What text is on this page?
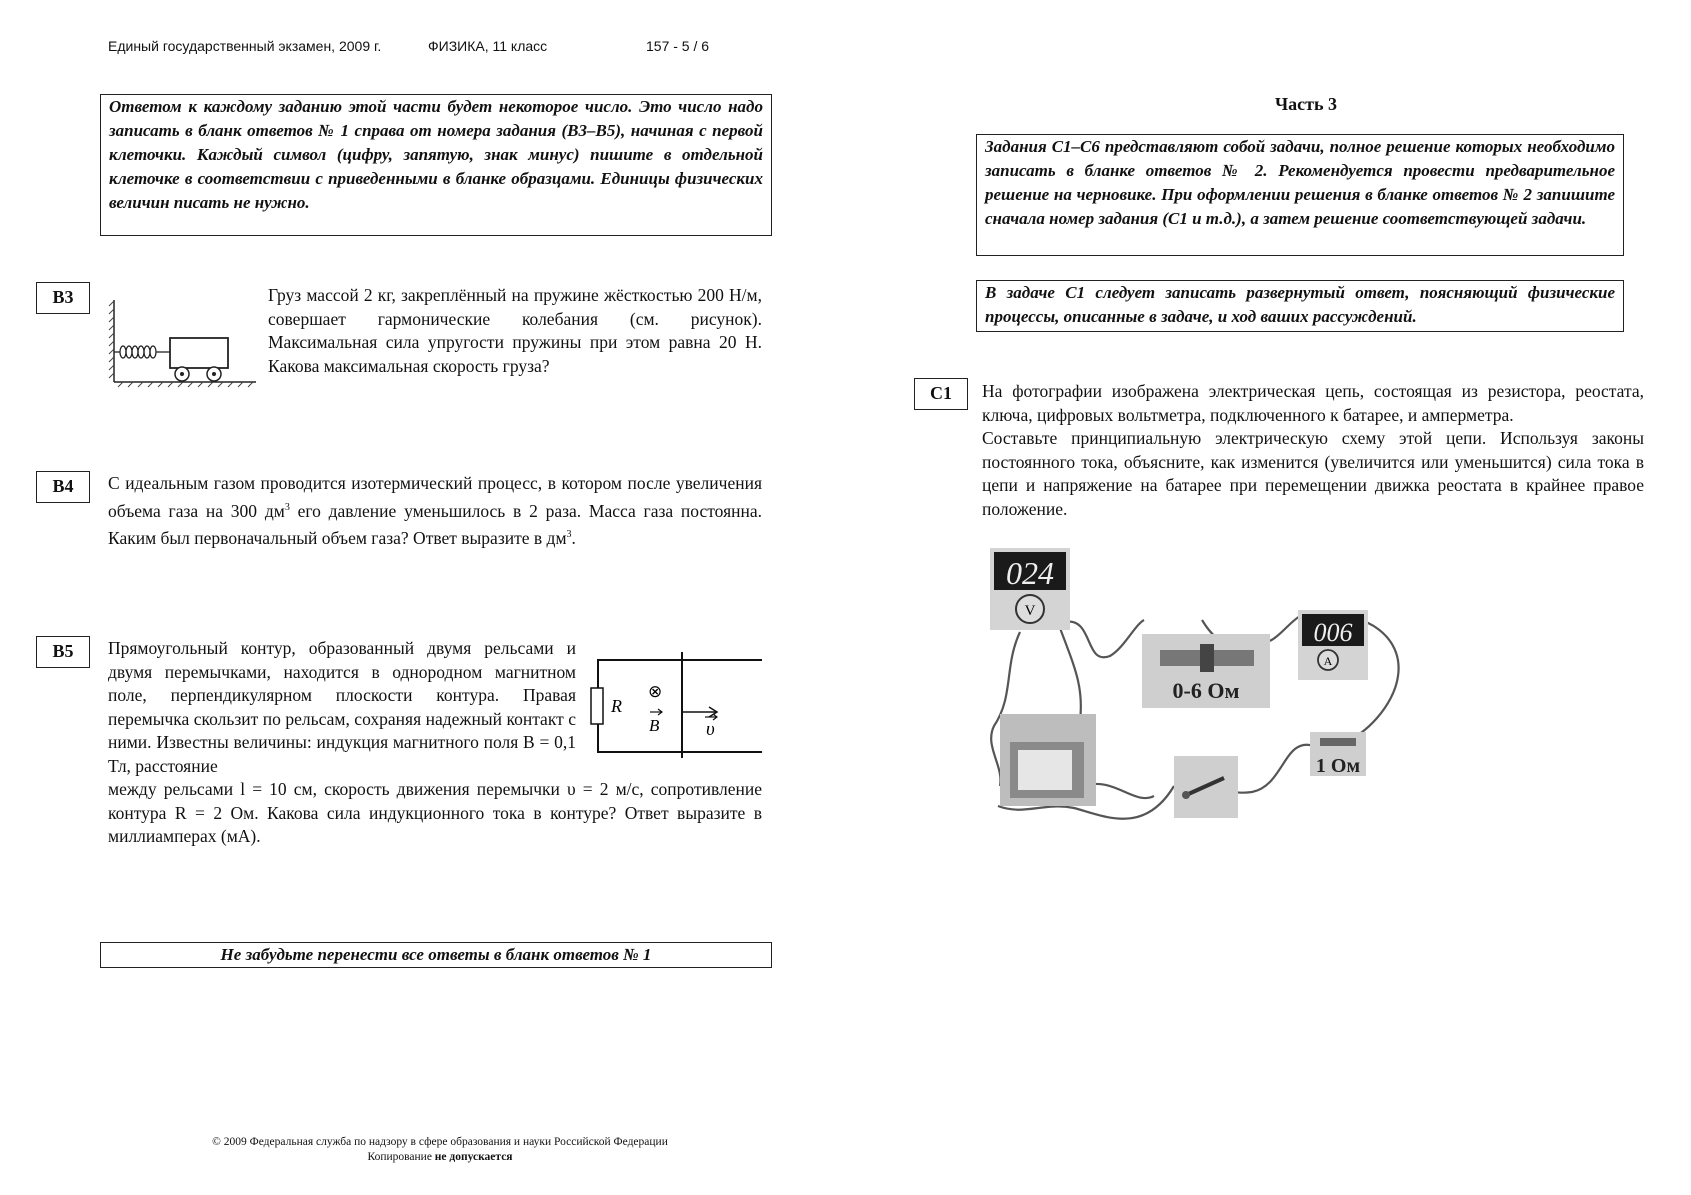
Единый государственный экзамен, 2009 г.	ФИЗИКА, 11 класс	157 - 5 / 6
Ответом к каждому заданию этой части будет некоторое число. Это число надо записать в бланк ответов № 1 справа от номера задания (В3–В5), начиная с первой клеточки. Каждый символ (цифру, запятую, знак минус) пишите в отдельной клеточке в соответствии с приведенными в бланке образцами. Единицы физических величин писать не нужно.
В3	Груз массой 2 кг, закреплённый на пружине жёсткостью 200 Н/м, совершает гармонические колебания (см. рисунок). Максимальная сила упругости пружины при этом равна 20 Н. Какова максимальная скорость груза?
В4	С идеальным газом проводится изотермический процесс, в котором после увеличения объема газа на 300 $дм^3$ его давление уменьшилось в 2 раза. Масса газа постоянна. Каким был первоначальный объем газа? Ответ выразите в $дм^3$.
В5	Прямоугольный контур, образованный двумя рельсами и двумя перемычками, находится в однородном магнитном поле, перпендикулярном плоскости контура. Правая перемычка скользит по рельсам, сохраняя надежный контакт с ними. Известны величины: индукция магнитного поля B = 0,1 Тл, расстояние
R
⊗
B υ
между рельсами l = 10 см, скорость движения перемычки υ = 2 м/с, сопротивление контура R = 2 Ом. Какова сила индукционного тока в контуре? Ответ выразите в миллиамперах (мА).
Не забудьте перенести все ответы в бланк ответов № 1
© 2009 Федеральная служба по надзору в сфере образования и науки Российской Федерации
Копирование не допускается
Часть 3
Задания С1–С6 представляют собой задачи, полное решение которых необходимо записать в бланке ответов № 2. Рекомендуется провести предварительное решение на черновике. При оформлении решения в бланке ответов № 2 запишите сначала номер задания (С1 и т.д.), а затем решение соответствующей задачи.
В задаче С1 следует записать развернутый ответ, поясняющий физические процессы, описанные в задаче, и ход ваших рассуждений.
С1	На фотографии изображена электрическая цепь, состоящая из резистора, реостата, ключа, цифровых вольтметра, подключенного к батарее, и амперметра.
Составьте принципиальную электрическую схему этой цепи. Используя законы постоянного тока, объясните, как изменится (увеличится или уменьшится) сила тока в цепи и напряжение на батарее при перемещении движка реостата в крайнее правое положение.
024
V
0-6 Ом
006
A
1 Ом
